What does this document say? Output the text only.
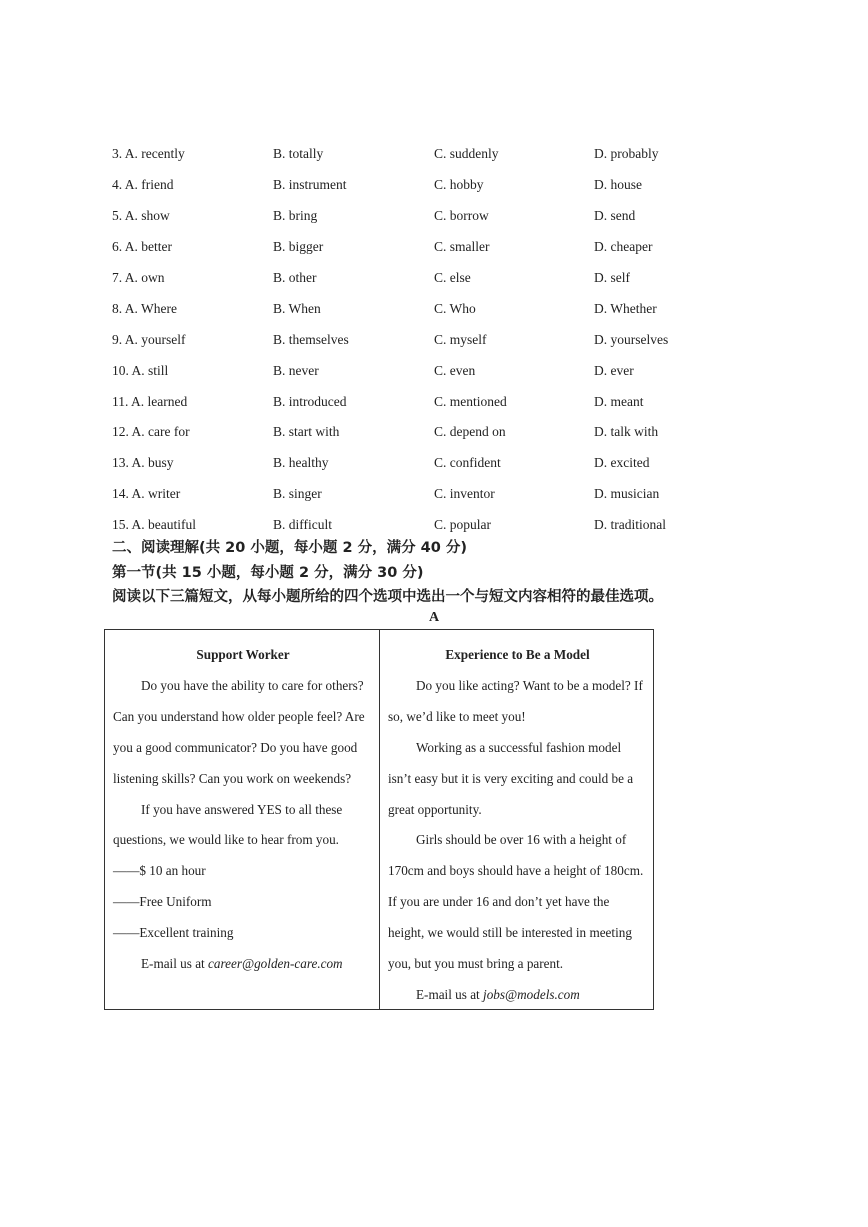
3. A. recently	B. totally	C. suddenly	D. probably
4. A. friend	B. instrument	C. hobby	D. house
5. A. show	B. bring	C. borrow	D. send
6. A. better	B. bigger	C. smaller	D. cheaper
7. A. own	B. other	C. else	D. self
8. A. Where	B. When	C. Who	D. Whether
9. A. yourself	B. themselves	C. myself	D. yourselves
10. A. still	B. never	C. even	D. ever
11. A. learned	B. introduced	C. mentioned	D. meant
12. A. care for	B. start with	C. depend on	D. talk with
13. A. busy	B. healthy	C. confident	D. excited
14. A. writer	B. singer	C. inventor	D. musician
15. A. beautiful	B. difficult	C. popular	D. traditional
二、阅读理解(共 20 小题，每小题 2 分，满分 40 分)
第一节(共 15 小题，每小题 2 分，满分 30 分)
阅读以下三篇短文，从每小题所给的四个选项中选出一个与短文内容相符的最佳选项。
A
Support Worker

Do you have the ability to care for others? Can you understand how older people feel? Are you a good communicator? Do you have good listening skills? Can you work on weekends?

If you have answered YES to all these questions, we would like to hear from you.

——$ 10 an hour

——Free Uniform

——Excellent training

E-mail us at career@golden-care.com

Experience to Be a Model

Do you like acting? Want to be a model? If so, we’d like to meet you!

Working as a successful fashion model isn’t easy but it is very exciting and could be a great opportunity.

Girls should be over 16 with a height of 170cm and boys should have a height of 180cm. If you are under 16 and don’t yet have the height, we would still be interested in meeting you, but you must bring a parent.

E-mail us at jobs@models.com
